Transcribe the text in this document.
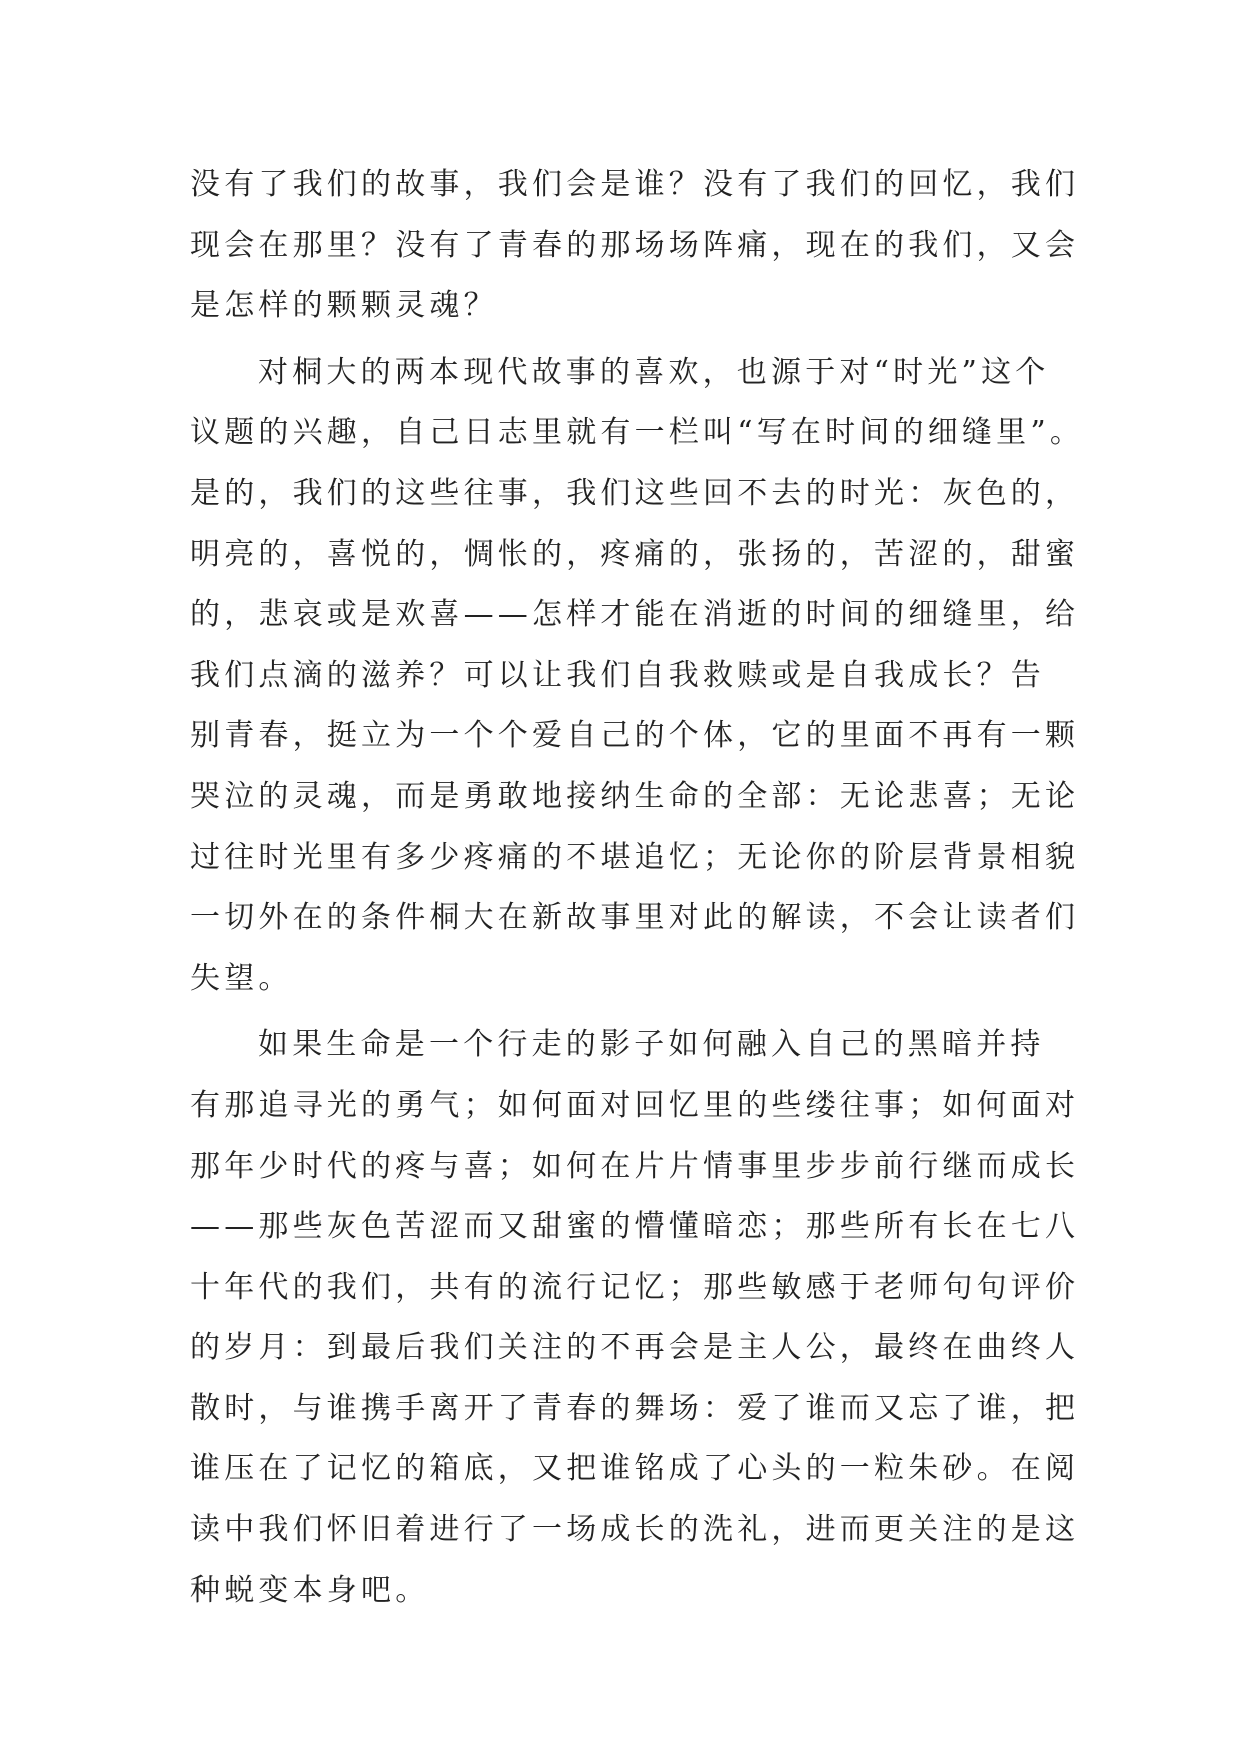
没有了我们的故事，我们会是谁？没有了我们的回忆，我们
现会在那里？没有了青春的那场场阵痛，现在的我们，又会
是怎样的颗颗灵魂？
对桐大的两本现代故事的喜欢，也源于对“时光”这个
议题的兴趣，自己日志里就有一栏叫“写在时间的细缝里”。
是的，我们的这些往事，我们这些回不去的时光：灰色的，
明亮的，喜悦的，惆怅的，疼痛的，张扬的，苦涩的，甜蜜
的，悲哀或是欢喜——怎样才能在消逝的时间的细缝里，给
我们点滴的滋养？可以让我们自我救赎或是自我成长？告
别青春，挺立为一个个爱自己的个体，它的里面不再有一颗
哭泣的灵魂，而是勇敢地接纳生命的全部：无论悲喜；无论
过往时光里有多少疼痛的不堪追忆；无论你的阶层背景相貌
一切外在的条件桐大在新故事里对此的解读，不会让读者们
失望。
如果生命是一个行走的影子如何融入自己的黑暗并持
有那追寻光的勇气；如何面对回忆里的些缕往事；如何面对
那年少时代的疼与喜；如何在片片情事里步步前行继而成长
——那些灰色苦涩而又甜蜜的懵懂暗恋；那些所有长在七八
十年代的我们，共有的流行记忆；那些敏感于老师句句评价
的岁月：到最后我们关注的不再会是主人公，最终在曲终人
散时，与谁携手离开了青春的舞场：爱了谁而又忘了谁，把
谁压在了记忆的箱底，又把谁铭成了心头的一粒朱砂。在阅
读中我们怀旧着进行了一场成长的洗礼，进而更关注的是这
种蜕变本身吧。
